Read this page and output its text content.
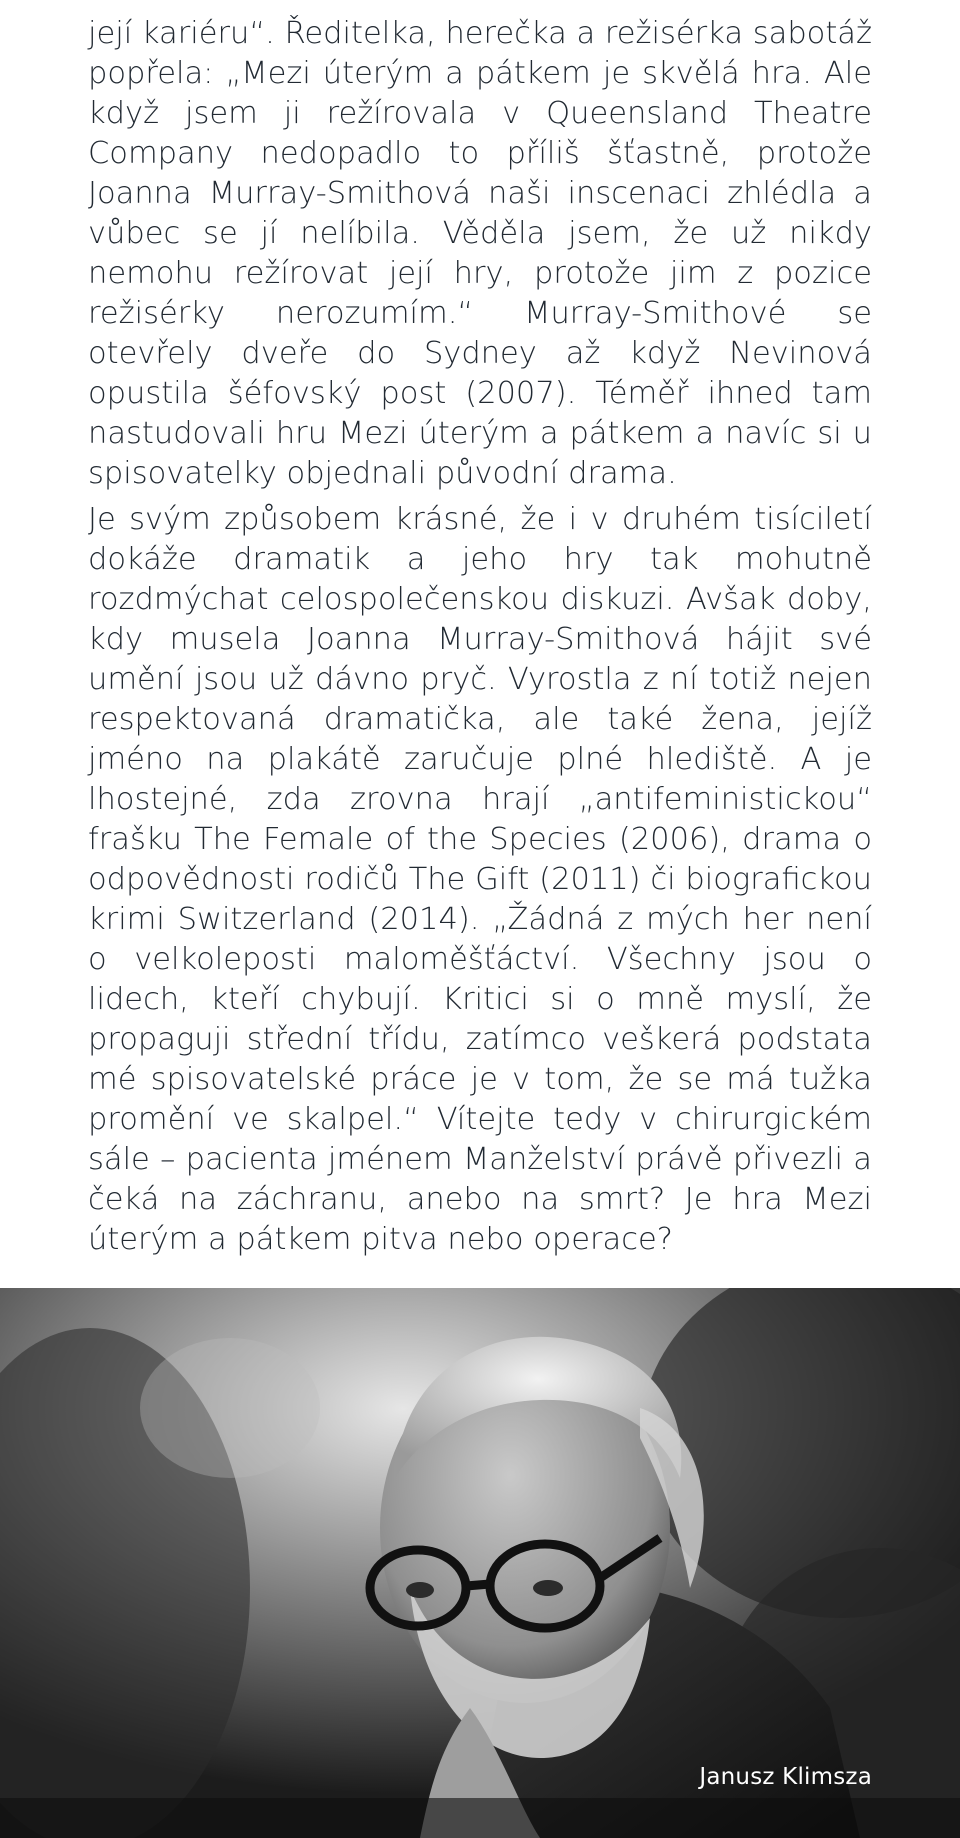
její kariéru“. Ředitelka, herečka a režisérka sabotáž popřela: „Mezi úterým a pátkem je skvělá hra. Ale když jsem ji režírovala v Queensland Theatre Company nedopadlo to příliš šťastně, protože Joanna Murray-Smithová naši inscenaci zhlédla a vůbec se jí nelíbila. Věděla jsem, že už nikdy nemohu režírovat její hry, protože jim z pozice režisérky nerozumím.“ Murray-Smithové se otevřely dveře do Sydney až když Nevinová opustila šéfovský post (2007). Téměř ihned tam nastudovali hru Mezi úterým a pátkem a navíc si u spisovatelky objednali původní drama.

Je svým způsobem krásné, že i v druhém tisíciletí dokáže dramatik a jeho hry tak mohutně rozdmýchat celospolečenskou diskuzi. Avšak doby, kdy musela Joanna Murray-Smithová hájit své umění jsou už dávno pryč. Vyrostla z ní totiž nejen respektovaná dramatička, ale také žena, jejíž jméno na plakátě zaručuje plné hlediště. A je lhostejné, zda zrovna hrají „antifeministickou“ frašku The Female of the Species (2006), drama o odpovědnosti rodičů The Gift (2011) či biografickou krimi Switzerland (2014). „Žádná z mých her není o velkoleposti maloměšťáctví. Všechny jsou o lidech, kteří chybují. Kritici si o mně myslí, že propaguji střední třídu, zatímco veškerá podstata mé spisovatelské práce je v tom, že se má tužka promění ve skalpel.“ Vítejte tedy v chirurgickém sále – pacienta jménem Manželství právě přivezli a čeká na záchranu, anebo na smrt? Je hra Mezi úterým a pátkem pitva nebo operace?

Janusz Klimsza
